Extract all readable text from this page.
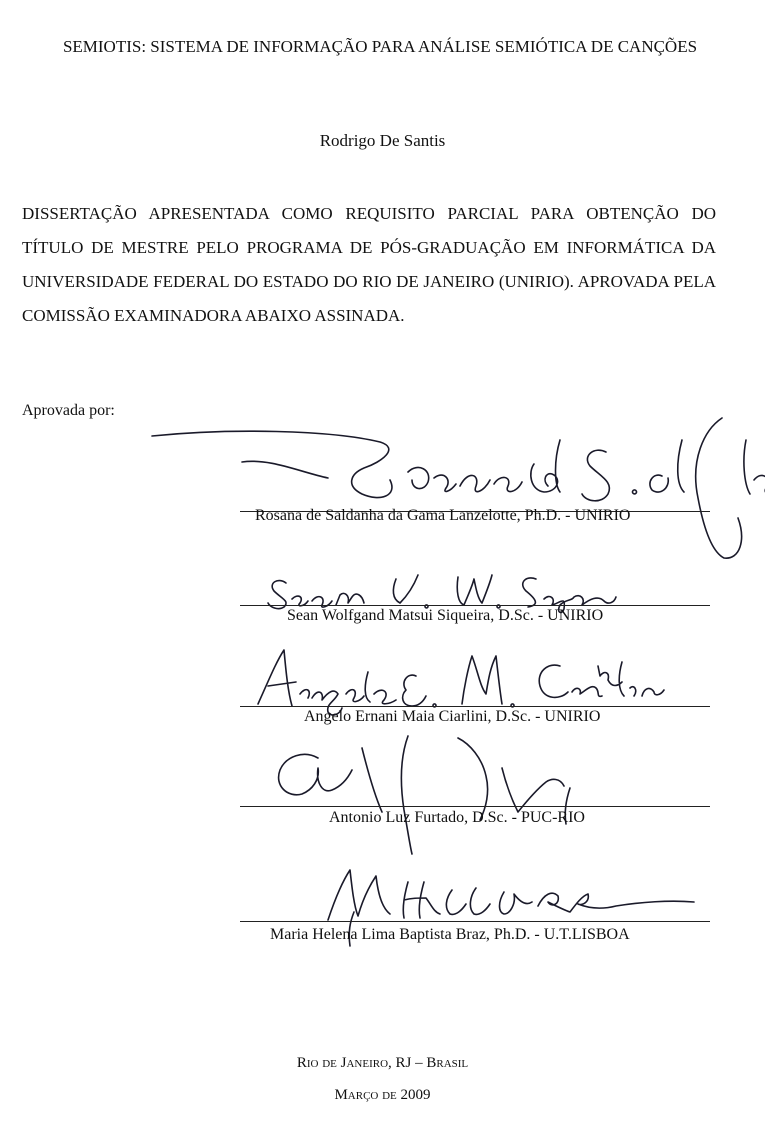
SEMIOTIS: SISTEMA DE INFORMAÇÃO PARA ANÁLISE SEMIÓTICA DE CANÇÕES
Rodrigo De Santis
DISSERTAÇÃO APRESENTADA COMO REQUISITO PARCIAL PARA OBTENÇÃO DO TÍTULO DE MESTRE PELO PROGRAMA DE PÓS-GRADUAÇÃO EM INFORMÁTICA DA UNIVERSIDADE FEDERAL DO ESTADO DO RIO DE JANEIRO (UNIRIO). APROVADA PELA COMISSÃO EXAMINADORA ABAIXO ASSINADA.
Aprovada por:
Rosana de Saldanha da Gama Lanzelotte, Ph.D. - UNIRIO
Sean Wolfgand Matsui Siqueira, D.Sc. - UNIRIO
Angelo Ernani Maia Ciarlini, D.Sc. - UNIRIO
Antonio Luz Furtado, D.Sc. - PUC-RIO
Maria Helena Lima Baptista Braz, Ph.D. - U.T.LISBOA
Rio de Janeiro, RJ – Brasil
Março de 2009
